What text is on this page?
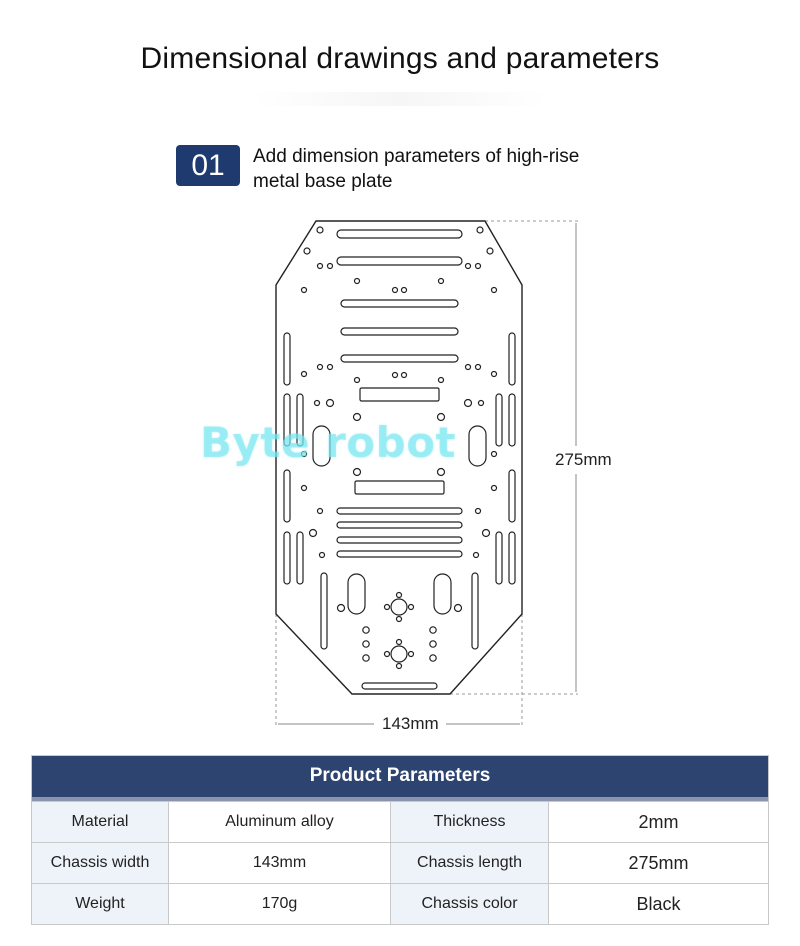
Dimensional drawings and parameters
01	Add dimension parameters of high-rise
metal base plate
275mm
143mm
Byte robot
Product Parameters
Material	Aluminum alloy	Thickness	2mm
Chassis width	143mm	Chassis length	275mm
Weight	170g	Chassis color	Black
